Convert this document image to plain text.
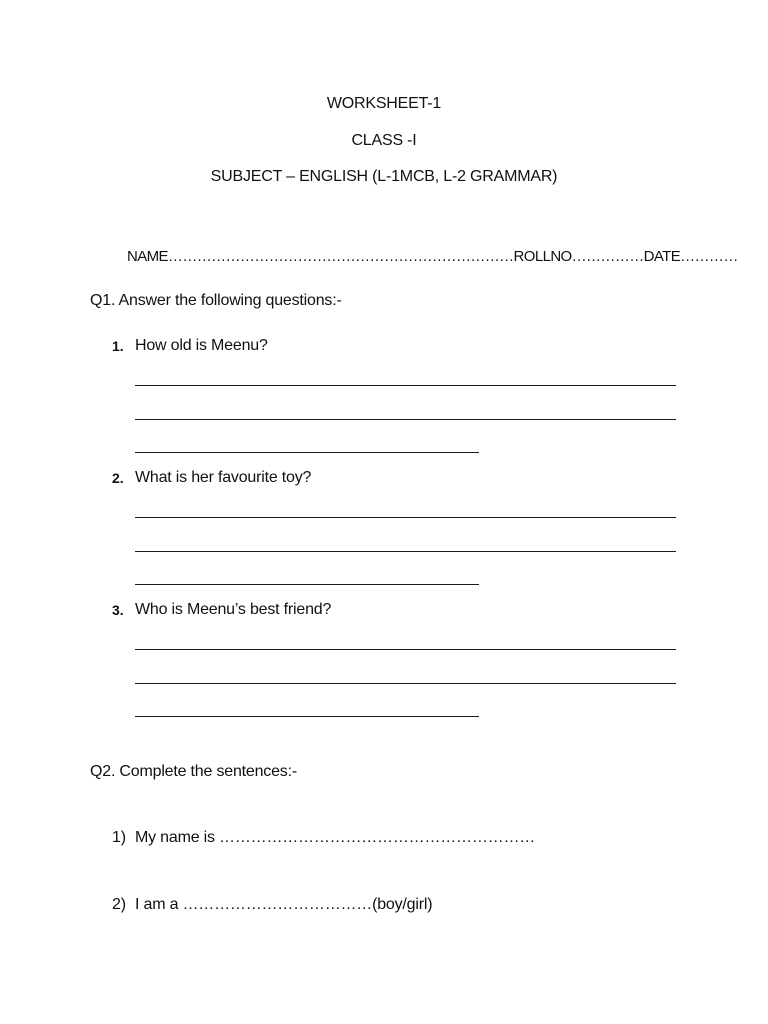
WORKSHEET-1
CLASS -I
SUBJECT – ENGLISH (L-1MCB, L-2 GRAMMAR)
NAME………………………………………………………………ROLLNO……………DATE…………
Q1. Answer the following questions:-
1. How old is Meenu?
2. What is her favourite toy?
3. Who is Meenu’s best friend?
Q2. Complete the sentences:-
1) My name is ……………………………………………………
2) I am a ………………………………(boy/girl)
